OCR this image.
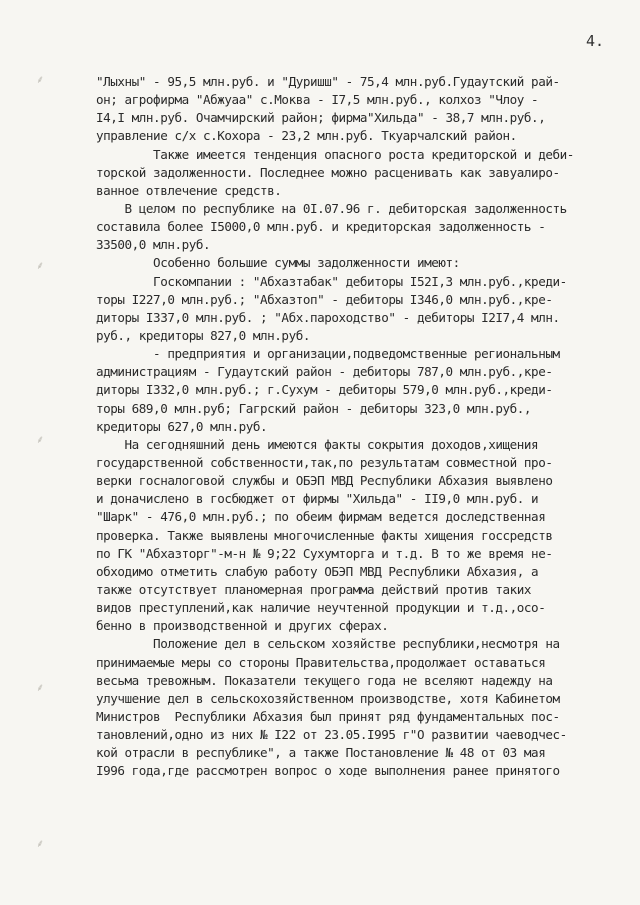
4.
⸙
⸙
⸙
⸙
⸙
"Лыхны" - 95,5 млн.руб. и "Дуришш" - 75,4 млн.руб.Гудаутский рай-
он; агрофирма "Абжуаа" с.Моква - I7,5 млн.руб., колхоз "Члоу -
I4,I млн.руб. Очамчирский район; фирма"Хильда" - 38,7 млн.руб.,
управление с/х с.Кохора - 23,2 млн.руб. Ткуарчалский район.
Также имеется тенденция опасного роста кредиторской и деби-
торской задолженности. Последнее можно расценивать как завуалиро-
ванное отвлечение средств.
В целом по республике на 0I.07.96 г. дебиторская задолженность
составила более I5000,0 млн.руб. и кредиторская задолженность -
33500,0 млн.руб.
Особенно большие суммы задолженности имеют:
Госкомпании : "Абхазтабак" дебиторы I52I,3 млн.руб.,креди-
торы I227,0 млн.руб.; "Абхазтоп" - дебиторы I346,0 млн.руб.,кре-
диторы I337,0 млн.руб. ; "Абх.пароходство" - дебиторы I2I7,4 млн.
руб., кредиторы 827,0 млн.руб.
- предприятия и организации,подведомственные региональным
администрациям - Гудаутский район - дебиторы 787,0 млн.руб.,кре-
диторы I332,0 млн.руб.; г.Сухум - дебиторы 579,0 млн.руб.,креди-
торы 689,0 млн.руб; Гагрский район - дебиторы 323,0 млн.руб.,
кредиторы 627,0 млн.руб.
На сегодняшний день имеются факты сокрытия доходов,хищения
государственной собственности,так,по результатам совместной про-
верки госналоговой службы и ОБЭП МВД Республики Абхазия выявлено
и доначислено в госбюджет от фирмы "Хильда" - II9,0 млн.руб. и
"Шарк" - 476,0 млн.руб.; по обеим фирмам ведется доследственная
проверка. Также выявлены многочисленные факты хищения госсредств
по ГК "Абхазторг"-м-н № 9;22 Сухумторга и т.д. В то же время не-
обходимо отметить слабую работу ОБЭП МВД Республики Абхазия, а
также отсутствует планомерная программа действий против таких
видов преступлений,как наличие неучтенной продукции и т.д.,осо-
бенно в производственной и других сферах.
Положение дел в сельском хозяйстве республики,несмотря на
принимаемые меры со стороны Правительства,продолжает оставаться
весьма тревожным. Показатели текущего года не вселяют надежду на
улучшение дел в сельскохозяйственном производстве, хотя Кабинетом
Министров  Республики Абхазия был принят ряд фундаментальных пос-
тановлений,одно из них № I22 от 23.05.I995 г"О развитии чаеводчес-
кой отрасли в республике", а также Постановление № 48 от 03 мая
I996 года,где рассмотрен вопрос о ходе выполнения ранее принятого
